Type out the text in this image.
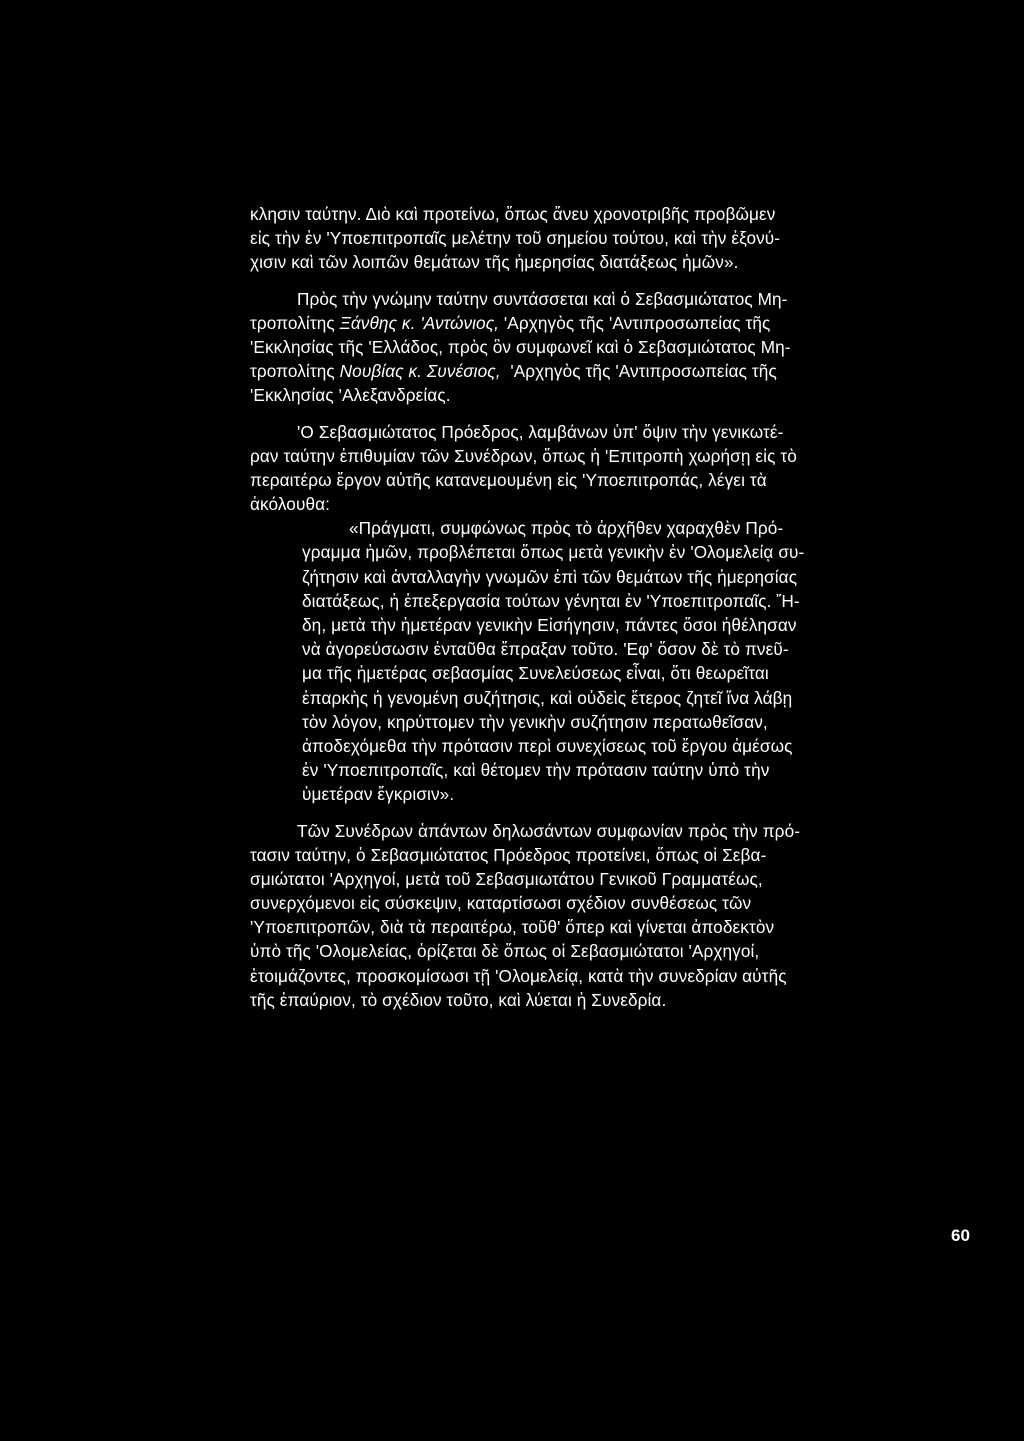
κλησιν ταύτην. Διὸ καὶ προτείνω, ὅπως ἄνευ χρονοτριβῆς προβῶμεν
εἰς τὴν ἐν 'Υποεπιτροπαῖς μελέτην τοῦ σημείου τούτου, καὶ τὴν ἐξονύ-
χισιν καὶ τῶν λοιπῶν θεμάτων τῆς ἡμερησίας διατάξεως ἡμῶν».
Πρὸς τὴν γνώμην ταύτην συντάσσεται καὶ ὁ Σεβασμιώτατος Μη-
τροπολίτης Ξάνθης κ. 'Αντώνιος, 'Αρχηγὸς τῆς 'Αντιπροσωπείας τῆς
'Εκκλησίας τῆς 'Ελλάδος, πρὸς ὃν συμφωνεῖ καὶ ὁ Σεβασμιώτατος Μη-
τροπολίτης Νουβίας κ. Συνέσιος,  'Αρχηγὸς τῆς 'Αντιπροσωπείας τῆς
'Εκκλησίας 'Αλεξανδρείας.
'Ο Σεβασμιώτατος Πρόεδρος, λαμβάνων ὑπ' ὄψιν τὴν γενικωτέ-
ραν ταύτην ἐπιθυμίαν τῶν Συνέδρων, ὅπως ἡ 'Επιτροπὴ χωρήσῃ εἰς τὸ
περαιτέρω ἔργον αὐτῆς κατανεμουμένη εἰς 'Υποεπιτροπάς, λέγει τὰ
ἀκόλουθα:
«Πράγματι, συμφώνως πρὸς τὸ ἀρχῆθεν χαραχθὲν Πρό-
γραμμα ἡμῶν, προβλέπεται ὅπως μετὰ γενικὴν ἐν 'Ολομελείᾳ συ-
ζήτησιν καὶ ἀνταλλαγὴν γνωμῶν ἐπὶ τῶν θεμάτων τῆς ἡμερησίας
διατάξεως, ἡ ἐπεξεργασία τούτων γένηται ἐν 'Υποεπιτροπαῖς. Ἤ-
δη, μετὰ τὴν ἡμετέραν γενικὴν Εἰσήγησιν, πάντες ὅσοι ἠθέλησαν
νὰ ἀγορεύσωσιν ἐνταῦθα ἔπραξαν τοῦτο. 'Εφ' ὅσον δὲ τὸ πνεῦ-
μα τῆς ἡμετέρας σεβασμίας Συνελεύσεως εἶναι, ὅτι θεωρεῖται
ἐπαρκὴς ἡ γενομένη συζήτησις, καὶ οὐδεὶς ἕτερος ζητεῖ ἵνα λάβῃ
τὸν λόγον, κηρύττομεν τὴν γενικὴν συζήτησιν περατωθεῖσαν,
ἀποδεχόμεθα τὴν πρότασιν περὶ συνεχίσεως τοῦ ἔργου ἀμέσως
ἐν 'Υποεπιτροπαῖς, καὶ θέτομεν τὴν πρότασιν ταύτην ὑπὸ τὴν
ὑμετέραν ἔγκρισιν».
Τῶν Συνέδρων ἁπάντων δηλωσάντων συμφωνίαν πρὸς τὴν πρό-
τασιν ταύτην, ὁ Σεβασμιώτατος Πρόεδρος προτείνει, ὅπως οἱ Σεβα-
σμιώτατοι 'Αρχηγοί, μετὰ τοῦ Σεβασμιωτάτου Γενικοῦ Γραμματέως,
συνερχόμενοι εἰς σύσκεψιν, καταρτίσωσι σχέδιον συνθέσεως τῶν
'Υποεπιτροπῶν, διὰ τὰ περαιτέρω, τοῦθ' ὅπερ καὶ γίνεται ἀποδεκτὸν
ὑπὸ τῆς 'Ολομελείας, ὁρίζεται δὲ ὅπως οἱ Σεβασμιώτατοι 'Αρχηγοί,
ἑτοιμάζοντες, προσκομίσωσι τῇ 'Ολομελείᾳ, κατὰ τὴν συνεδρίαν αὐτῆς
τῆς ἐπαύριον, τὸ σχέδιον τοῦτο, καὶ λύεται ἡ Συνεδρία.
60
